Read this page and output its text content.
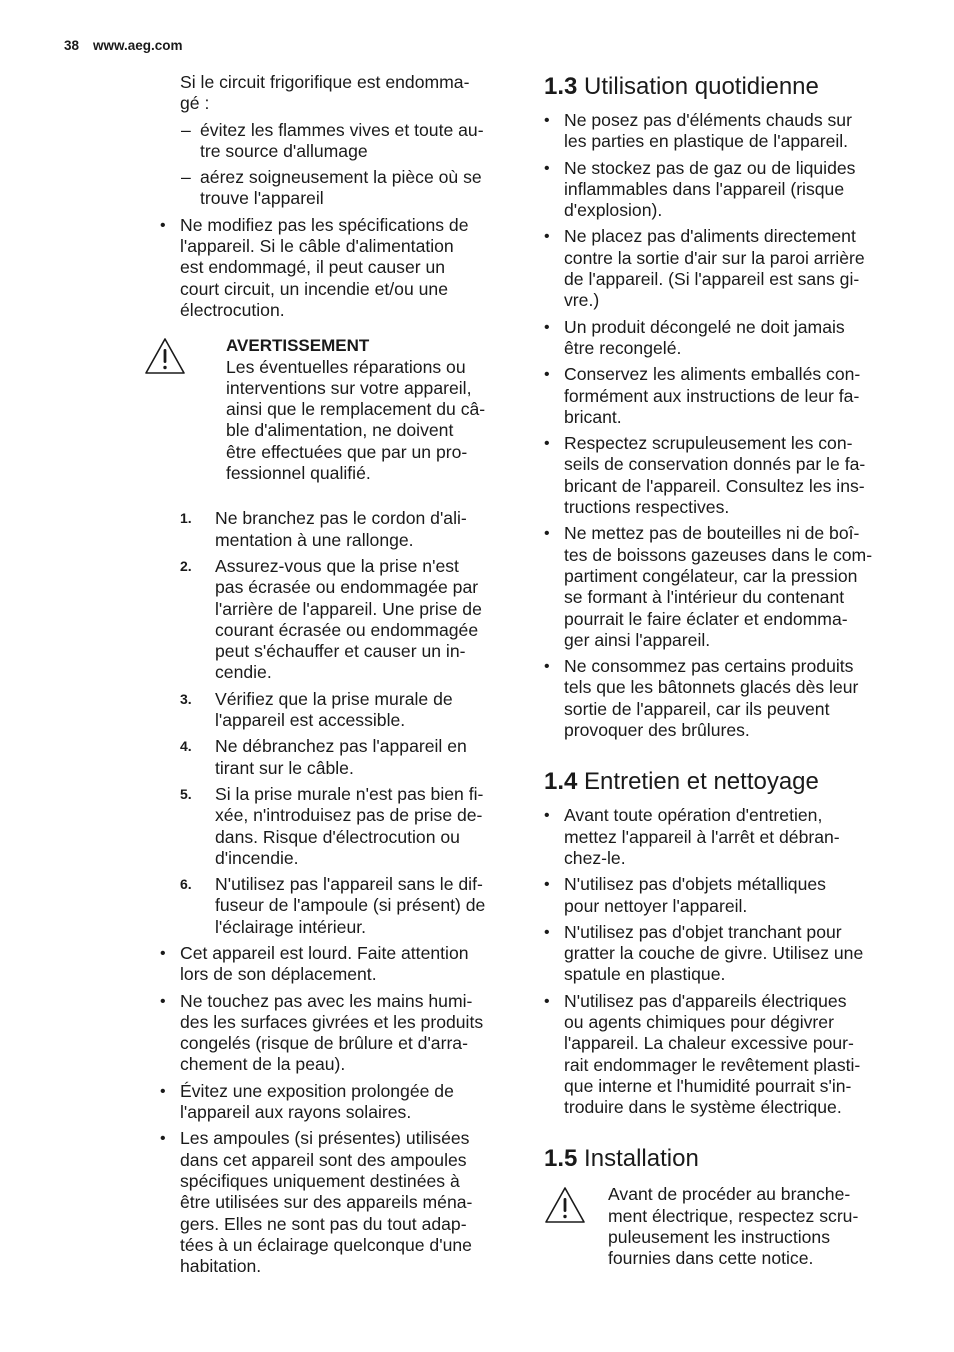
38 www.aeg.com

Si le circuit frigorifique est endomma-
gé :

– évitez les flammes vives et toute au-
tre source d'allumage

– aérez soigneusement la pièce où se
trouve l'appareil

• Ne modifiez pas les spécifications de
l'appareil. Si le câble d'alimentation
est endommagé, il peut causer un
court circuit, un incendie et/ou une
électrocution.

AVERTISSEMENT

Les éventuelles réparations ou
interventions sur votre appareil,
ainsi que le remplacement du câ-
ble d'alimentation, ne doivent
être effectuées que par un pro-
fessionnel qualifié.

1. Ne branchez pas le cordon d'ali-
mentation à une rallonge.

2. Assurez-vous que la prise n'est
pas écrasée ou endommagée par
l'arrière de l'appareil. Une prise de
courant écrasée ou endommagée
peut s'échauffer et causer un in-
cendie.

3. Vérifiez que la prise murale de
l'appareil est accessible.

4. Ne débranchez pas l'appareil en
tirant sur le câble.

5. Si la prise murale n'est pas bien fi-
xée, n'introduisez pas de prise de-
dans. Risque d'électrocution ou
d'incendie.

6. N'utilisez pas l'appareil sans le dif-
fuseur de l'ampoule (si présent) de
l'éclairage intérieur.

• Cet appareil est lourd. Faite attention
lors de son déplacement.

• Ne touchez pas avec les mains humi-
des les surfaces givrées et les produits
congelés (risque de brûlure et d'arra-
chement de la peau).

• Évitez une exposition prolongée de
l'appareil aux rayons solaires.

• Les ampoules (si présentes) utilisées
dans cet appareil sont des ampoules
spécifiques uniquement destinées à
être utilisées sur des appareils ména-
gers. Elles ne sont pas du tout adap-
tées à un éclairage quelconque d'une
habitation.

1.3 Utilisation quotidienne
• Ne posez pas d'éléments chauds sur
les parties en plastique de l'appareil.

• Ne stockez pas de gaz ou de liquides
inflammables dans l'appareil (risque
d'explosion).

• Ne placez pas d'aliments directement
contre la sortie d'air sur la paroi arrière
de l'appareil. (Si l'appareil est sans gi-
vre.)

• Un produit décongelé ne doit jamais
être recongelé.

• Conservez les aliments emballés con-
formément aux instructions de leur fa-
bricant.

• Respectez scrupuleusement les con-
seils de conservation donnés par le fa-
bricant de l'appareil. Consultez les ins-
tructions respectives.

• Ne mettez pas de bouteilles ni de boî-
tes de boissons gazeuses dans le com-
partiment congélateur, car la pression
se formant à l'intérieur du contenant
pourrait le faire éclater et endomma-
ger ainsi l'appareil.

• Ne consommez pas certains produits
tels que les bâtonnets glacés dès leur
sortie de l'appareil, car ils peuvent
provoquer des brûlures.

1.4 Entretien et nettoyage
• Avant toute opération d'entretien,
mettez l'appareil à l'arrêt et débran-
chez-le.

• N'utilisez pas d'objets métalliques
pour nettoyer l'appareil.

• N'utilisez pas d'objet tranchant pour
gratter la couche de givre. Utilisez une
spatule en plastique.

• N'utilisez pas d'appareils électriques
ou agents chimiques pour dégivrer
l'appareil. La chaleur excessive pour-
rait endommager le revêtement plasti-
que interne et l'humidité pourrait s'in-
troduire dans le système électrique.

1.5 Installation

Avant de procéder au branche-
ment électrique, respectez scru-
puleusement les instructions
fournies dans cette notice.
